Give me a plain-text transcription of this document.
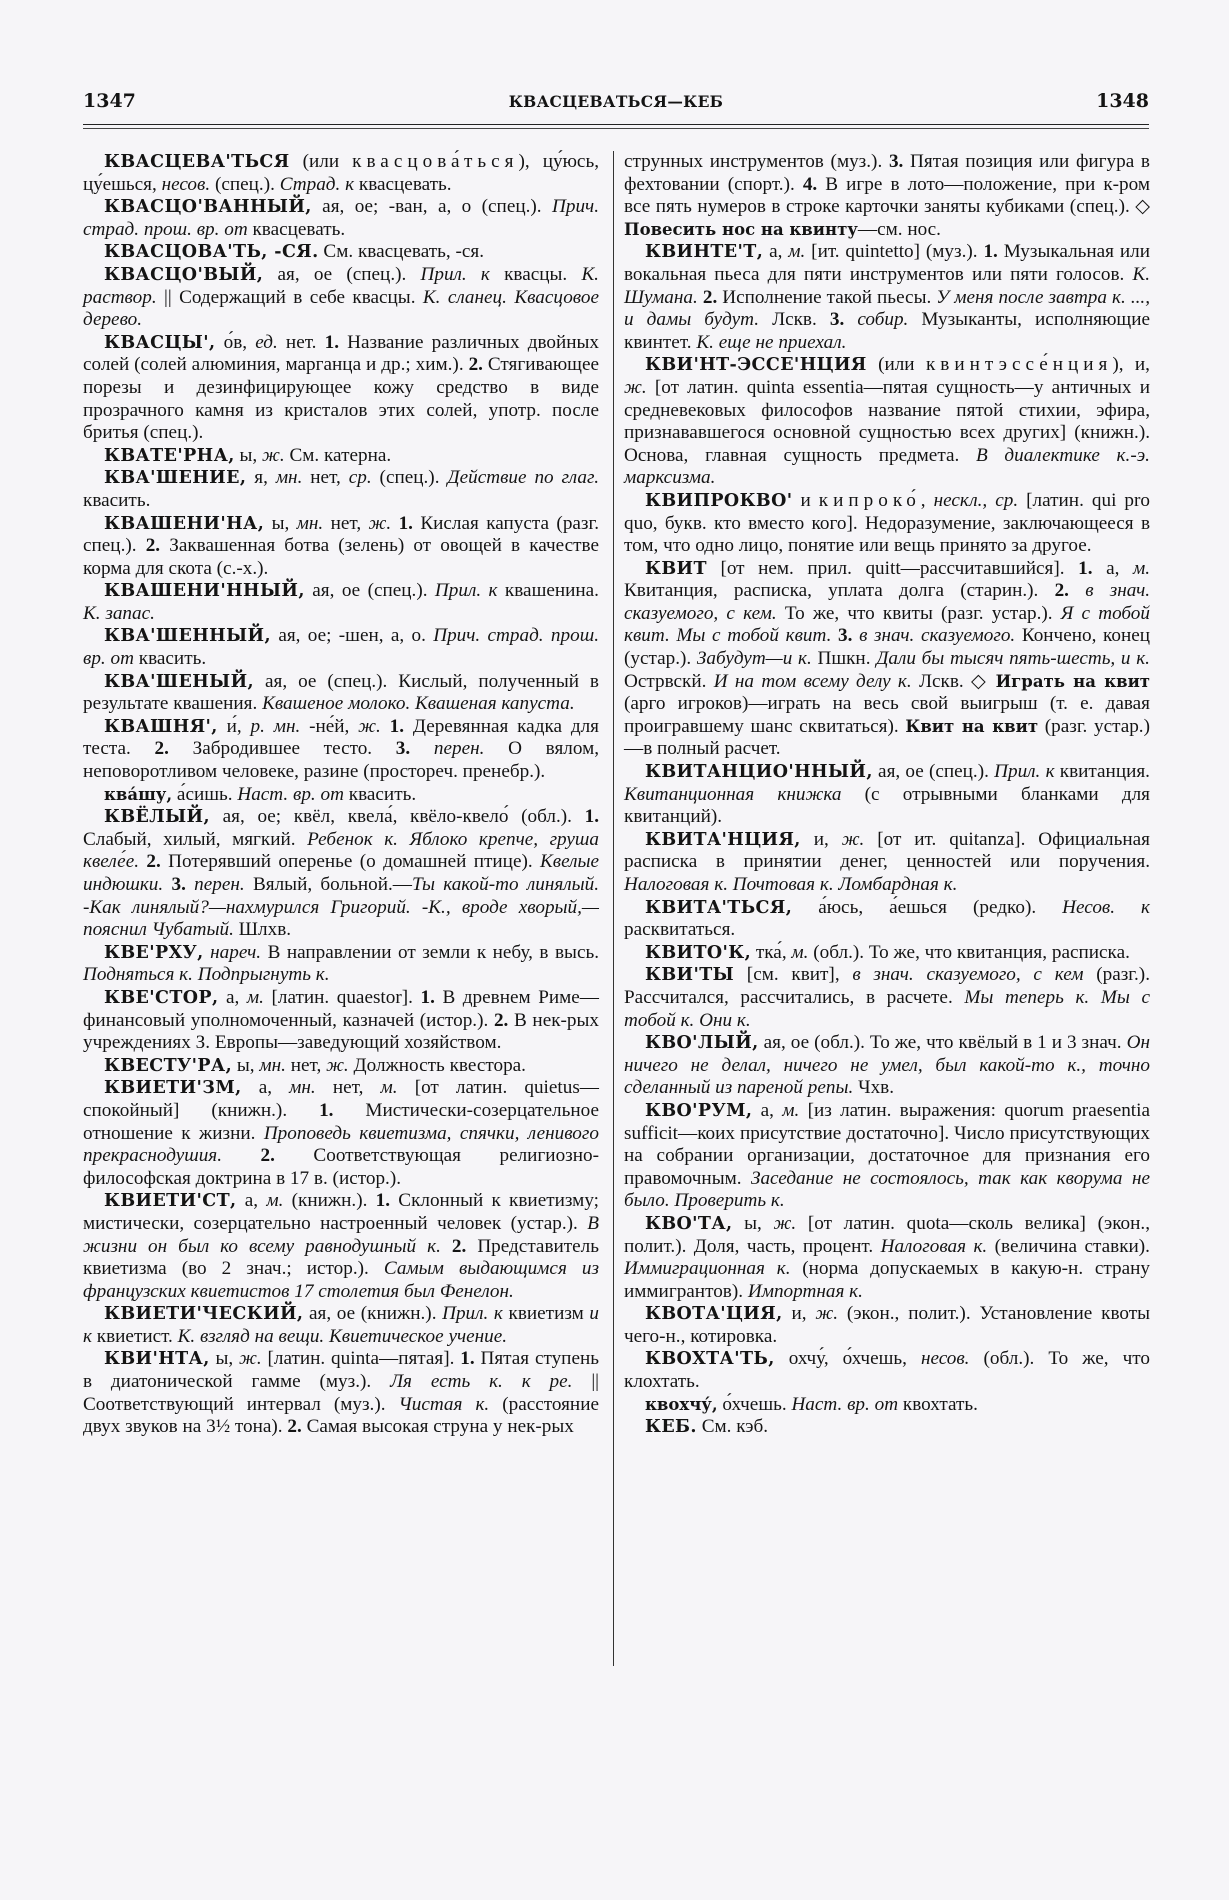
1347	КВАСЦЕВАТЬСЯ—КЕБ	1348

КВАСЦЕВА'ТЬСЯ (или квасцова́ться), цу́юсь, цу́ешься, несов. (спец.). Страд. к квасцевать.

КВАСЦО'ВАННЫЙ, ая, ое; -ван, а, о (спец.). Прич. страд. прош. вр. от квасцевать.

КВАСЦОВА'ТЬ, -СЯ. См. квасцевать, -ся.

КВАСЦО'ВЫЙ, ая, ое (спец.). Прил. к квасцы. К. раствор. || Содержащий в себе квасцы. К. сланец. Квасцовое дерево.

КВАСЦЫ', о́в, ед. нет. 1. Название различных двойных солей (солей алюминия, марганца и др.; хим.). 2. Стягивающее порезы и дезинфицирующее кожу средство в виде прозрачного камня из кристалов этих солей, употр. после бритья (спец.).

КВАТЕ'РНА, ы, ж. См. катерна.

КВА'ШЕНИЕ, я, мн. нет, ср. (спец.). Действие по глаг. квасить.

КВАШЕНИ'НА, ы, мн. нет, ж. 1. Кислая капуста (разг. спец.). 2. Заквашенная ботва (зелень) от овощей в качестве корма для скота (с.-х.).

КВАШЕНИ'ННЫЙ, ая, ое (спец.). Прил. к квашенина. К. запас.

КВА'ШЕННЫЙ, ая, ое; -шен, а, о. Прич. страд. прош. вр. от квасить.

КВА'ШЕНЫЙ, ая, ое (спец.). Кислый, полученный в результате квашения. Квашеное молоко. Квашеная капуста.

КВАШНЯ', и́, р. мн. -не́й, ж. 1. Деревянная кадка для теста. 2. Забродившее тесто. 3. перен. О вялом, неповоротливом человеке, разине (простореч. пренебр.).

ква́шу, а́сишь. Наст. вр. от квасить.

КВЁЛЫЙ, ая, ое; квёл, квела́, квёло-квело́ (обл.). 1. Слабый, хилый, мягкий. Ребенок к. Яблоко крепче, груша квеле́е. 2. Потерявший оперенье (о домашней птице). Квелые индюшки. 3. перен. Вялый, больной.—Ты какой-то линялый. -Как линялый?—нахмурился Григорий. -К., вроде хворый,—пояснил Чубатый. Шлхв.

КВЕ'РХУ, нареч. В направлении от земли к небу, в высь. Подняться к. Подпрыгнуть к.

КВЕ'СТОР, а, м. [латин. quaestor]. 1. В древнем Риме—финансовый уполномоченный, казначей (истор.). 2. В нек-рых учреждениях З. Европы—заведующий хозяйством.

КВЕСТУ'РА, ы, мн. нет, ж. Должность квестора.

КВИЕТИ'ЗМ, а, мн. нет, м. [от латин. quietus—спокойный] (книжн.). 1. Мистически-созерцательное отношение к жизни. Проповедь квиетизма, спячки, ленивого прекраснодушия. 2. Соответствующая религиозно-философская доктрина в 17 в. (истор.).

КВИЕТИ'СТ, а, м. (книжн.). 1. Склонный к квиетизму; мистически, созерцательно настроенный человек (устар.). В жизни он был ко всему равнодушный к. 2. Представитель квиетизма (во 2 знач.; истор.). Самым выдающимся из французских квиетистов 17 столетия был Фенелон.

КВИЕТИ'ЧЕСКИЙ, ая, ое (книжн.). Прил. к квиетизм и к квиетист. К. взгляд на вещи. Квиетическое учение.

КВИ'НТА, ы, ж. [латин. quinta—пятая]. 1. Пятая ступень в диатонической гамме (муз.). Ля есть к. к ре. || Соответствующий интервал (муз.). Чистая к. (расстояние двух звуков на 3½ тона). 2. Самая высокая струна у нек-рых

струнных инструментов (муз.). 3. Пятая позиция или фигура в фехтовании (спорт.). 4. В игре в лото—положение, при к-ром все пять нумеров в строке карточки заняты кубиками (спец.). ◇ Повесить нос на квинту—см. нос.

КВИНТЕ'Т, а, м. [ит. quintetto] (муз.). 1. Музыкальная или вокальная пьеса для пяти инструментов или пяти голосов. К. Шумана. 2. Исполнение такой пьесы. У меня после завтра к. ..., и дамы будут. Лскв. 3. собир. Музыканты, исполняющие квинтет. К. еще не приехал.

КВИ'НТ-ЭССЕ'НЦИЯ (или квинтэссе́нция), и, ж. [от латин. quinta essentia—пятая сущность—у античных и средневековых философов название пятой стихии, эфира, признававшегося основной сущностью всех других] (книжн.). Основа, главная сущность предмета. В диалектике к.-э. марксизма.

КВИПРОКВО' и кипроко́, нескл., ср. [латин. qui pro quo, букв. кто вместо кого]. Недоразумение, заключающееся в том, что одно лицо, понятие или вещь принято за другое.

КВИТ [от нем. прил. quitt—рассчитавшийся]. 1. а, м. Квитанция, расписка, уплата долга (старин.). 2. в знач. сказуемого, с кем. То же, что квиты (разг. устар.). Я с тобой квит. Мы с тобой квит. 3. в знач. сказуемого. Кончено, конец (устар.). Забудут—и к. Пшкн. Дали бы тысяч пять-шесть, и к. Острвскй. И на том всему делу к. Лскв. ◇ Играть на квит (арго игроков)—играть на весь свой выигрыш (т. е. давая проигравшему шанс сквитаться). Квит на квит (разг. устар.)—в полный расчет.

КВИТАНЦИО'ННЫЙ, ая, ое (спец.). Прил. к квитанция. Квитанционная книжка (с отрывными бланками для квитанций).

КВИТА'НЦИЯ, и, ж. [от ит. quitanza]. Официальная расписка в принятии денег, ценностей или поручения. Налоговая к. Почтовая к. Ломбардная к.

КВИТА'ТЬСЯ, а́юсь, а́ешься (редко). Несов. к расквитаться.

КВИТО'К, тка́, м. (обл.). То же, что квитанция, расписка.

КВИ'ТЫ [см. квит], в знач. сказуемого, с кем (разг.). Рассчитался, рассчитались, в расчете. Мы теперь к. Мы с тобой к. Они к.

КВО'ЛЫЙ, ая, ое (обл.). То же, что квёлый в 1 и 3 знач. Он ничего не делал, ничего не умел, был какой-то к., точно сделанный из пареной репы. Чхв.

КВО'РУМ, а, м. [из латин. выражения: quorum praesentia sufficit—коих присутствие достаточно]. Число присутствующих на собрании организации, достаточное для признания его правомочным. Заседание не состоялось, так как кворума не было. Проверить к.

КВО'ТА, ы, ж. [от латин. quota—сколь велика] (экон., полит.). Доля, часть, процент. Налоговая к. (величина ставки). Иммиграционная к. (норма допускаемых в какую-н. страну иммигрантов). Импортная к.

КВОТА'ЦИЯ, и, ж. (экон., полит.). Установление квоты чего-н., котировка.

КВОХТА'ТЬ, охчу́, о́хчешь, несов. (обл.). То же, что клохтать.

квохчу́, о́хчешь. Наст. вр. от квохтать.

КЕБ. См. кэб.
